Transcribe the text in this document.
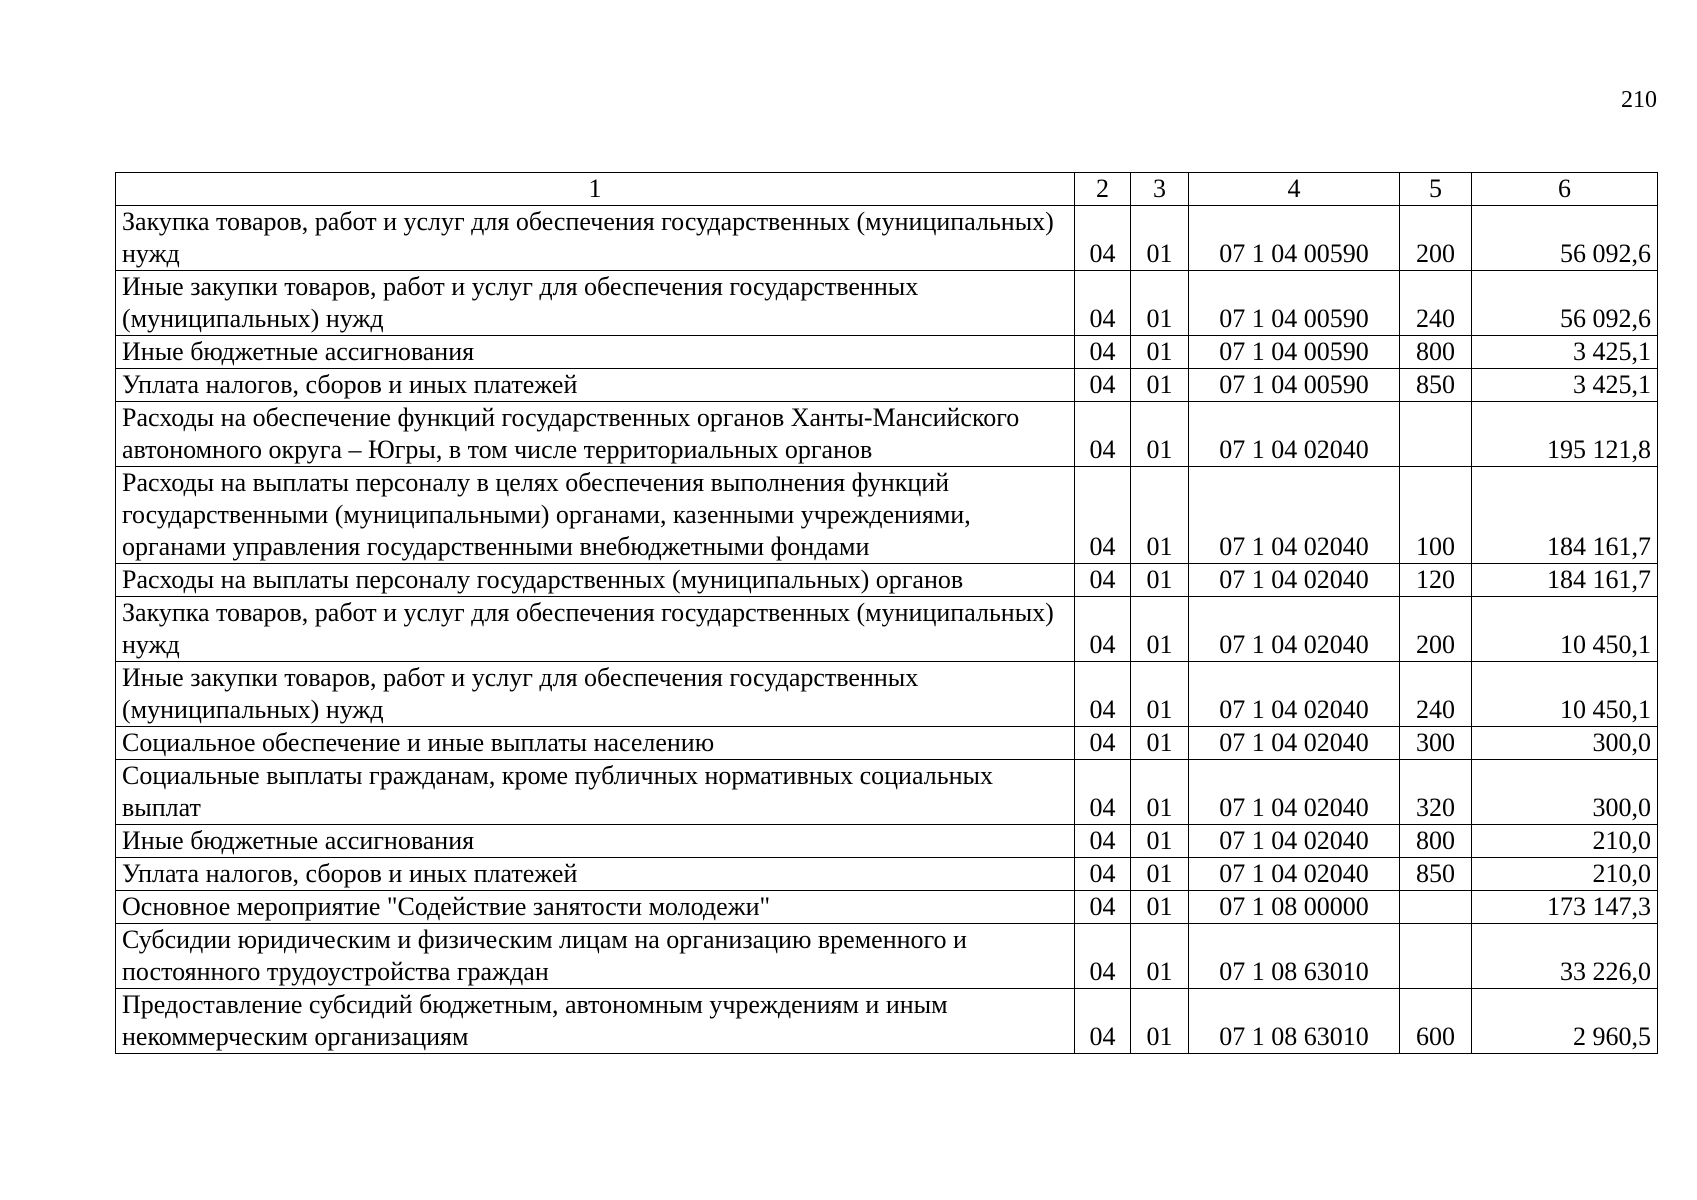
210
1	2	3	4	5	6
Закупка товаров, работ и услуг для обеспечения государственных (муниципальных) нужд	04	01	07 1 04 00590	200	56 092,6
Иные закупки товаров, работ и услуг для обеспечения государственных (муниципальных) нужд	04	01	07 1 04 00590	240	56 092,6
Иные бюджетные ассигнования	04	01	07 1 04 00590	800	3 425,1
Уплата налогов, сборов и иных платежей	04	01	07 1 04 00590	850	3 425,1
Расходы на обеспечение функций государственных органов Ханты-Мансийского автономного округа – Югры, в том числе территориальных органов	04	01	07 1 04 02040		195 121,8
Расходы на выплаты персоналу в целях обеспечения выполнения функций государственными (муниципальными) органами, казенными учреждениями, органами управления государственными внебюджетными фондами	04	01	07 1 04 02040	100	184 161,7
Расходы на выплаты персоналу государственных (муниципальных) органов	04	01	07 1 04 02040	120	184 161,7
Закупка товаров, работ и услуг для обеспечения государственных (муниципальных) нужд	04	01	07 1 04 02040	200	10 450,1
Иные закупки товаров, работ и услуг для обеспечения государственных (муниципальных) нужд	04	01	07 1 04 02040	240	10 450,1
Социальное обеспечение и иные выплаты населению	04	01	07 1 04 02040	300	300,0
Социальные выплаты гражданам, кроме публичных нормативных социальных выплат	04	01	07 1 04 02040	320	300,0
Иные бюджетные ассигнования	04	01	07 1 04 02040	800	210,0
Уплата налогов, сборов и иных платежей	04	01	07 1 04 02040	850	210,0
Основное мероприятие "Содействие занятости молодежи"	04	01	07 1 08 00000		173 147,3
Субсидии юридическим и физическим лицам на организацию временного и постоянного трудоустройства граждан	04	01	07 1 08 63010		33 226,0
Предоставление субсидий бюджетным, автономным учреждениям и иным некоммерческим организациям	04	01	07 1 08 63010	600	2 960,5
